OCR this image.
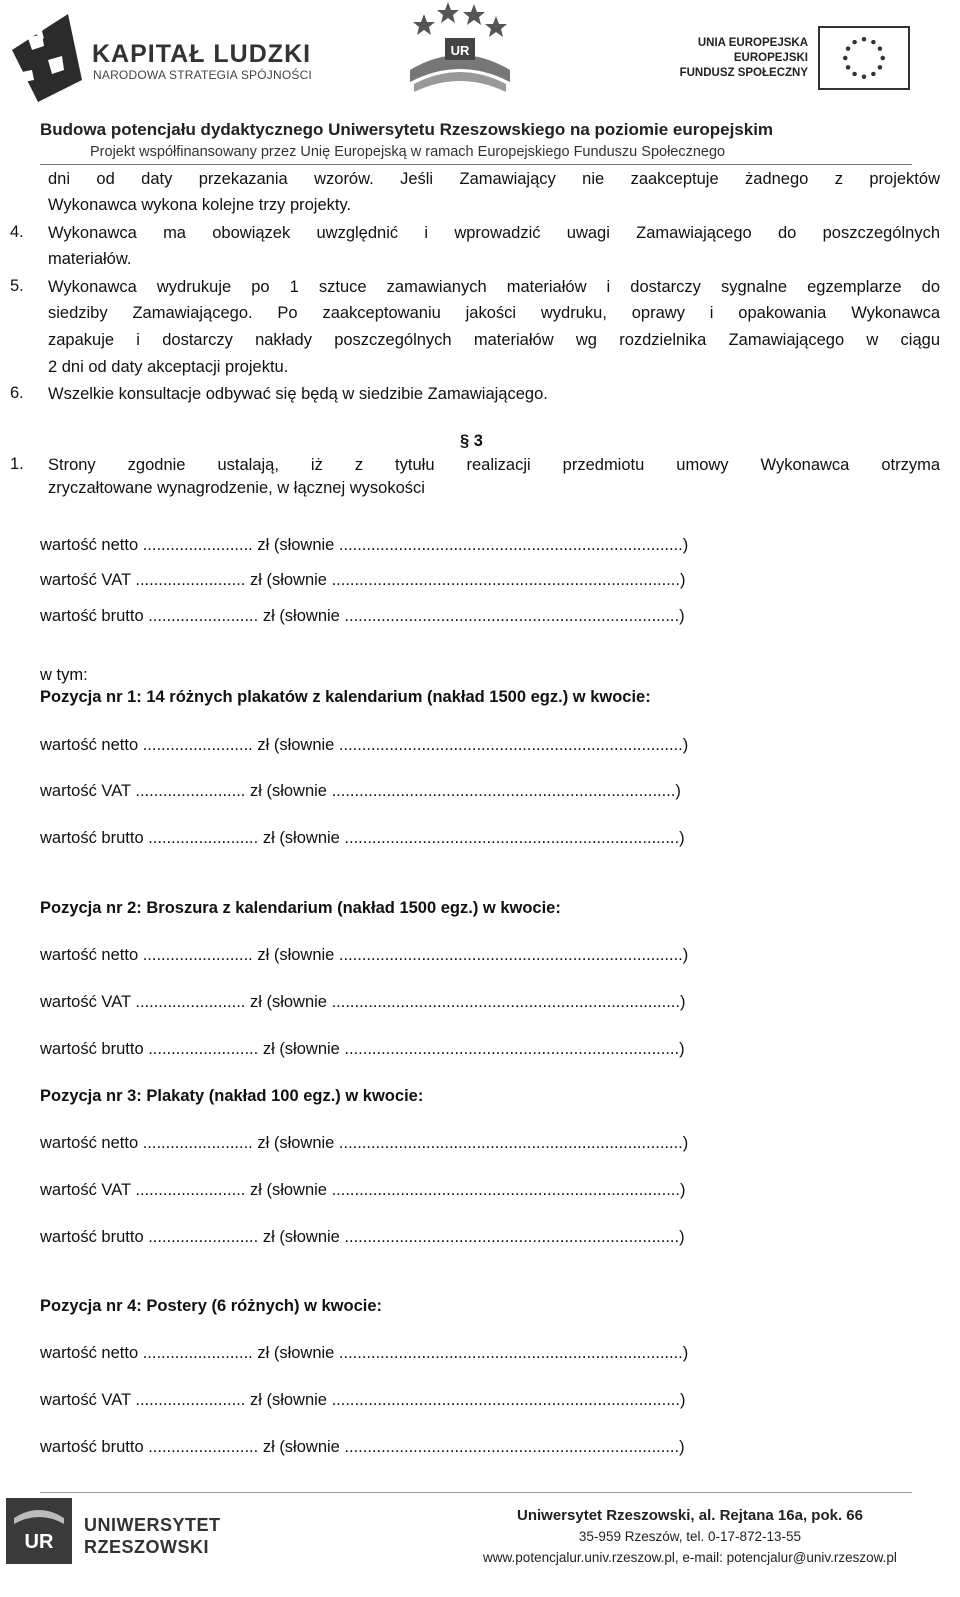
KAPITAŁ LUDZKI
NARODOWA STRATEGIA SPÓJNOŚCI
UR	UNIA EUROPEJSKA
EUROPEJSKI
FUNDUSZ SPOŁECZNY
Budowa potencjału dydaktycznego Uniwersytetu Rzeszowskiego na poziomie europejskim
Projekt współfinansowany przez Unię Europejską w ramach Europejskiego Funduszu Społecznego
dni od daty przekazania wzorów. Jeśli Zamawiający nie zaakceptuje żadnego z projektów
Wykonawca wykona kolejne trzy projekty.
4. Wykonawca ma obowiązek uwzględnić i wprowadzić uwagi Zamawiającego do poszczególnych
materiałów.
5. Wykonawca wydrukuje po 1 sztuce zamawianych materiałów i dostarczy sygnalne egzemplarze do
siedziby Zamawiającego. Po zaakceptowaniu jakości wydruku, oprawy i opakowania Wykonawca
zapakuje i dostarczy nakłady poszczególnych materiałów wg rozdzielnika Zamawiającego w ciągu
2 dni od daty akceptacji projektu.
6. Wszelkie konsultacje odbywać się będą w siedzibie Zamawiającego.
§ 3
1. Strony zgodnie ustalają, iż z tytułu realizacji przedmiotu umowy Wykonawca otrzyma
zryczałtowane wynagrodzenie, w łącznej wysokości
wartość netto ........................ zł (słownie ...........................................................................)
wartość VAT ........................ zł (słownie ............................................................................)
wartość brutto ........................ zł (słownie .........................................................................)
w tym:
Pozycja nr 1: 14 różnych plakatów z kalendarium (nakład 1500 egz.) w kwocie:
wartość netto ........................ zł (słownie ...........................................................................)
wartość VAT ........................ zł (słownie ...........................................................................)
wartość brutto ........................ zł (słownie .........................................................................)
Pozycja nr 2: Broszura z kalendarium (nakład 1500 egz.) w kwocie:
wartość netto ........................ zł (słownie ...........................................................................)
wartość VAT ........................ zł (słownie ............................................................................)
wartość brutto ........................ zł (słownie .........................................................................)
Pozycja nr 3: Plakaty (nakład 100 egz.) w kwocie:
wartość netto ........................ zł (słownie ...........................................................................)
wartość VAT ........................ zł (słownie ............................................................................)
wartość brutto ........................ zł (słownie .........................................................................)
Pozycja nr 4: Postery (6 różnych) w kwocie:
wartość netto ........................ zł (słownie ...........................................................................)
wartość VAT ........................ zł (słownie ............................................................................)
wartość brutto ........................ zł (słownie .........................................................................)
UR
UNIWERSYTET
RZESZOWSKI
Uniwersytet Rzeszowski, al. Rejtana 16a, pok. 66
35-959 Rzeszów, tel. 0-17-872-13-55
www.potencjalur.univ.rzeszow.pl, e-mail: potencjalur@univ.rzeszow.pl
